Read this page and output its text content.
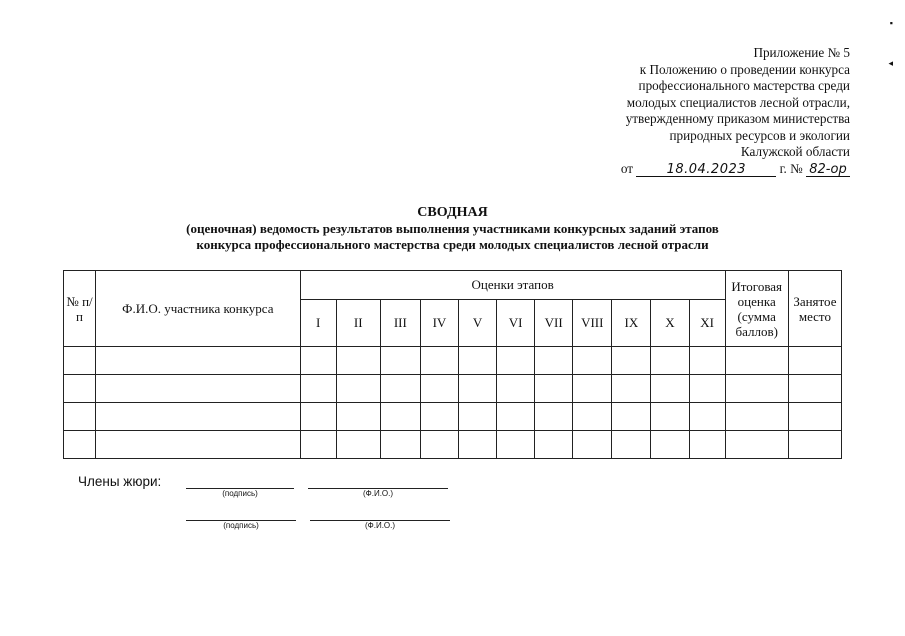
▪
◂
Приложение № 5
к Положению о проведении конкурса
профессионального мастерства среди
молодых специалистов лесной отрасли,
утвержденному приказом министерства
природных ресурсов и экологии
Калужской области
от	18.04.2023	г. № 82-ор
СВОДНАЯ
(оценочная) ведомость результатов выполнения участниками конкурсных заданий этапов
конкурса профессионального мастерства среди молодых специалистов лесной отрасли
№ п/п	Ф.И.О. участника конкурса	Оценки этапов											Итоговая оценка (сумма баллов)	Занятое место
		I	II	III	IV	V	VI	VII	VIII	IX	X	XI		

Члены жюри:
(подпись)	(Ф.И.О.)
(подпись)	(Ф.И.О.)
